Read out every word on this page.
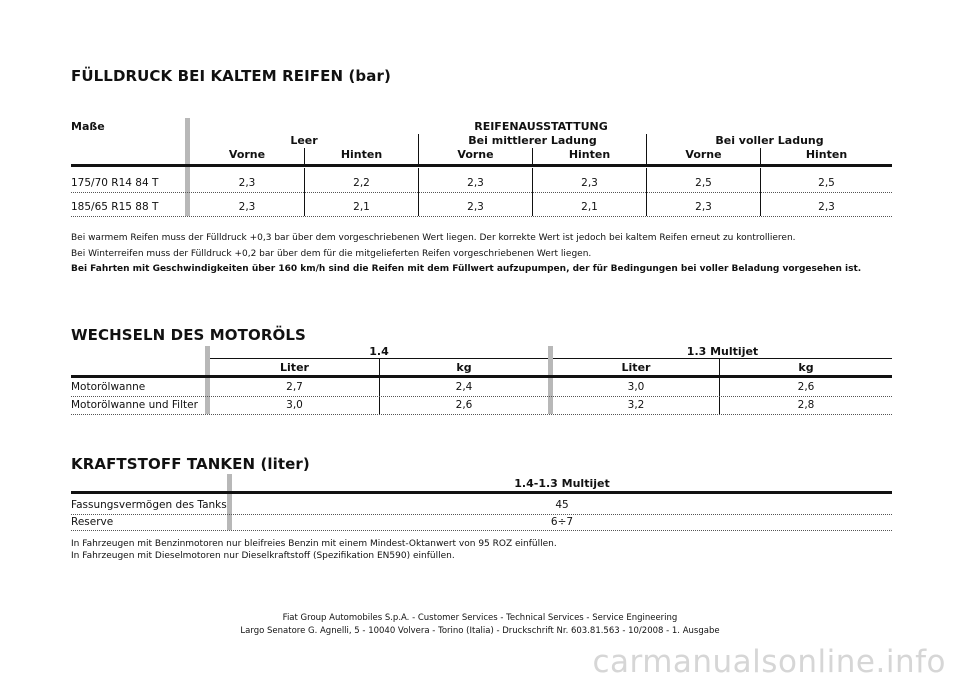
FÜLLDRUCK BEI KALTEM REIFEN (bar)
Maße	REIFENAUSSTATTUNG
Leer	Bei mittlerer Ladung	Bei voller Ladung
Vorne	Hinten	Vorne	Hinten	Vorne	Hinten
175/70 R14 84 T	2,3	2,2	2,3	2,3	2,5	2,5
185/65 R15 88 T	2,3	2,1	2,3	2,1	2,3	2,3
Bei warmem Reifen muss der Fülldruck +0,3 bar über dem vorgeschriebenen Wert liegen. Der korrekte Wert ist jedoch bei kaltem Reifen erneut zu kontrollieren.
Bei Winterreifen muss der Fülldruck +0,2 bar über dem für die mitgelieferten Reifen vorgeschriebenen Wert liegen.
Bei Fahrten mit Geschwindigkeiten über 160 km/h sind die Reifen mit dem Füllwert aufzupumpen, der für Bedingungen bei voller Beladung vorgesehen ist.
WECHSELN DES MOTORÖLS
1.4	1.3 Multijet
Liter	kg	Liter	kg
Motorölwanne	2,7	2,4	3,0	2,6
Motorölwanne und Filter	3,0	2,6	3,2	2,8
KRAFTSTOFF TANKEN (liter)
1.4-1.3 Multijet
Fassungsvermögen des Tanks	45
Reserve	6÷7
In Fahrzeugen mit Benzinmotoren nur bleifreies Benzin mit einem Mindest-Oktanwert von 95 ROZ einfüllen.
In Fahrzeugen mit Dieselmotoren nur Dieselkraftstoff (Spezifikation EN590) einfüllen.
Fiat Group Automobiles S.p.A. - Customer Services - Technical Services - Service Engineering
Largo Senatore G. Agnelli, 5 - 10040 Volvera - Torino (Italia) - Druckschrift Nr. 603.81.563 - 10/2008 - 1. Ausgabe
carmanualsonline.info
